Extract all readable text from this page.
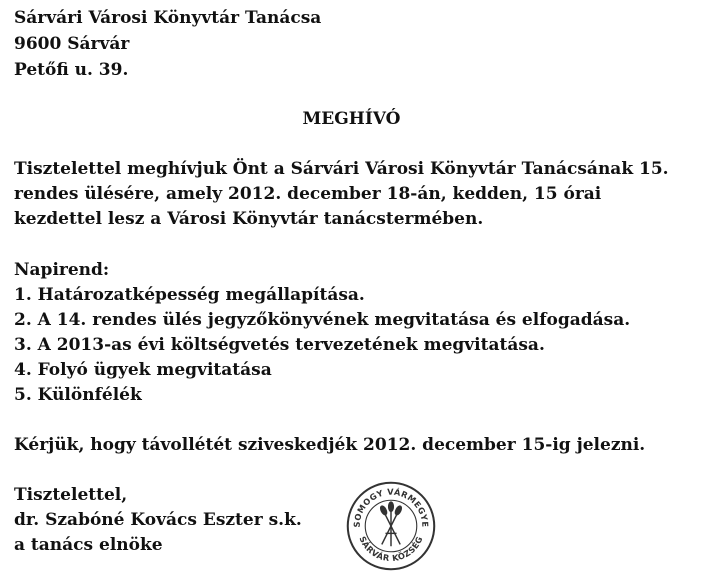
Sárvári Városi Könyvtár Tanácsa
9600 Sárvár
Petőfi u. 39.
MEGHÍVÓ
Tisztelettel meghívjuk Önt a Sárvári Városi Könyvtár Tanácsának 15.
rendes ülésére, amely 2012. december 18-án, kedden, 15 órai
kezdettel lesz a Városi Könyvtár tanácstermében.
Napirend:
1. Határozatképesség megállapítása.
2. A 14. rendes ülés jegyzőkönyvének megvitatása és elfogadása.
3. A 2013-as évi költségvetés tervezetének megvitatása.
4. Folyó ügyek megvitatása
5. Különfélék
Kérjük, hogy távollétét sziveskedjék 2012. december 15-ig jelezni.
Tisztelettel,
dr. Szabóné Kovács Eszter s.k.
a tanács elnöke
SOMOGY VÁRMEGYE
SÁRVÁR KÖZSÉG
